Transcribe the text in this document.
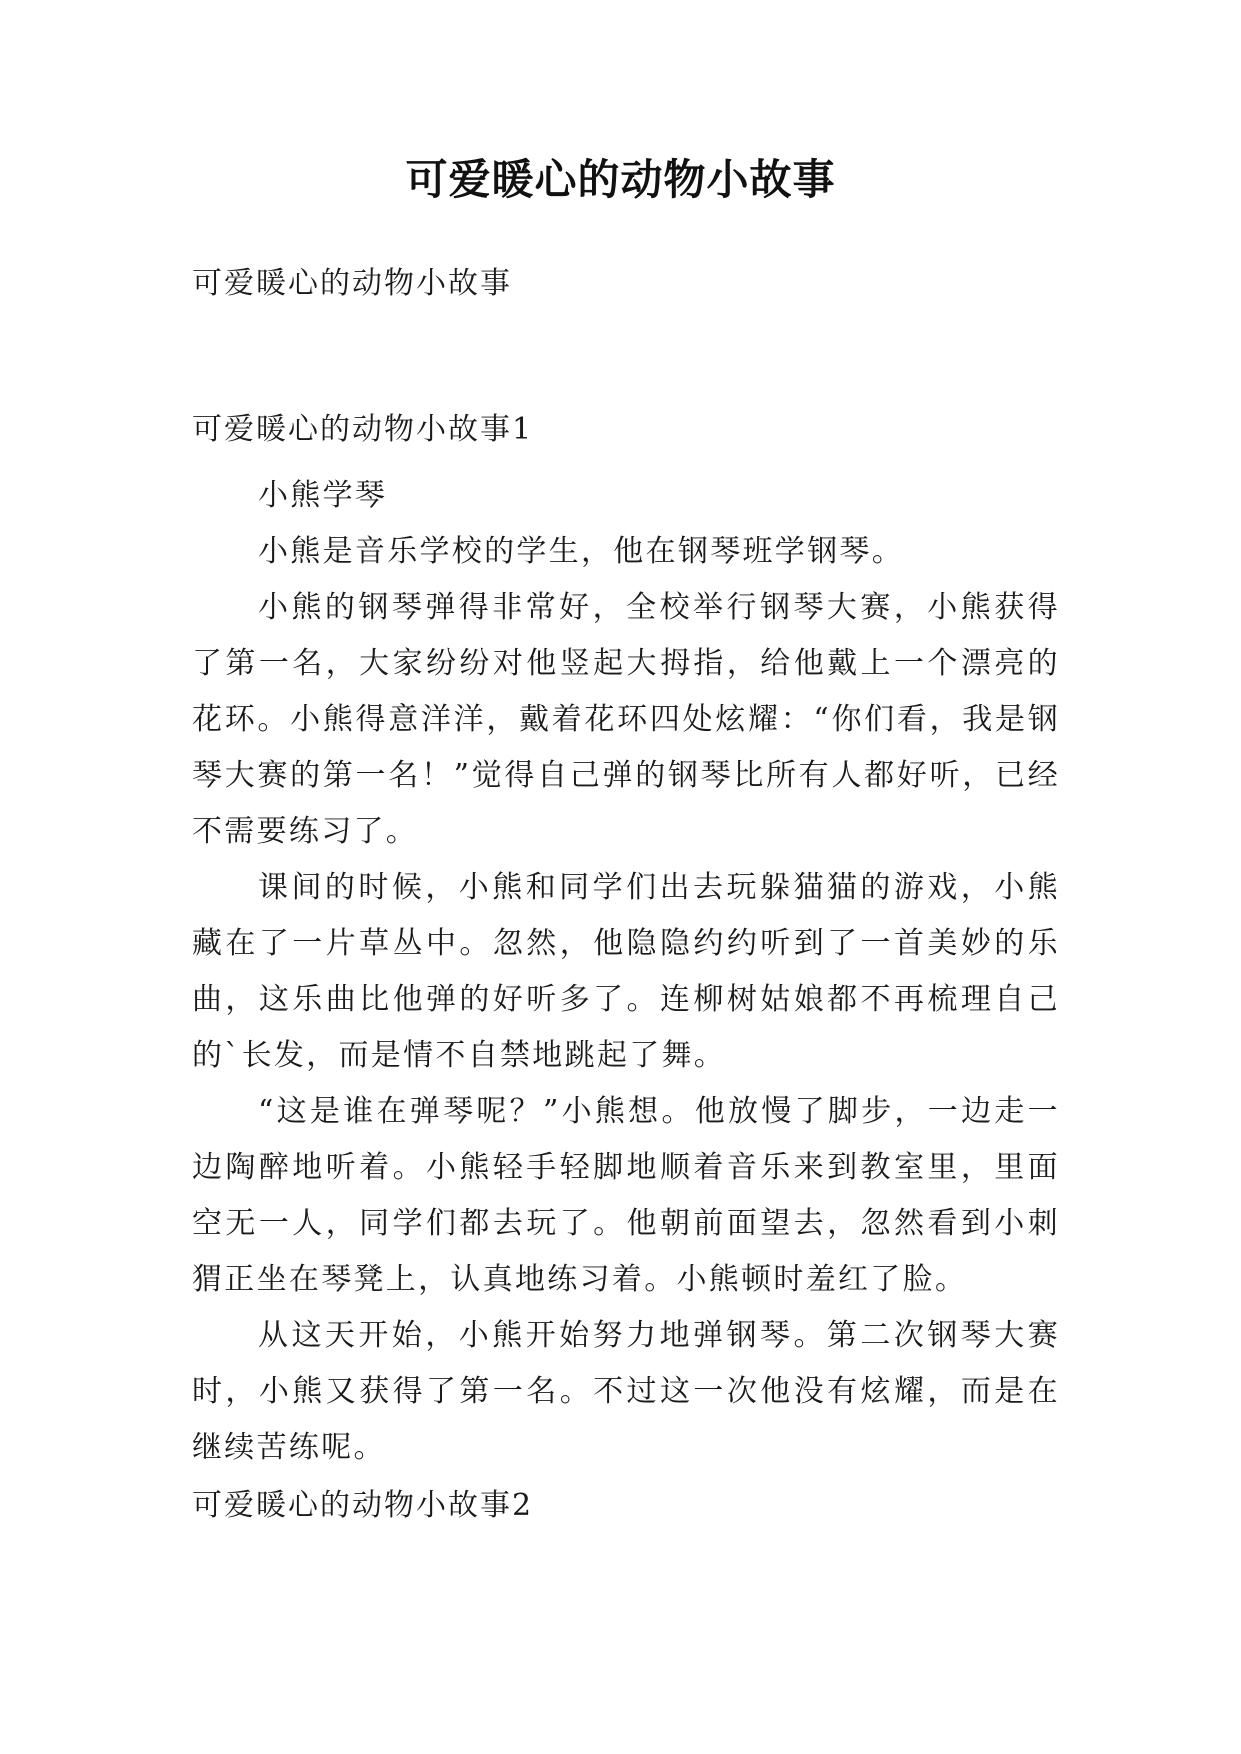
可爱暖心的动物小故事

可爱暖心的动物小故事

可爱暖心的动物小故事1

小熊学琴

小熊是音乐学校的学生，他在钢琴班学钢琴。

小熊的钢琴弹得非常好，全校举行钢琴大赛，小熊获得了第一名，大家纷纷对他竖起大拇指，给他戴上一个漂亮的花环。小熊得意洋洋，戴着花环四处炫耀：“你们看，我是钢琴大赛的第一名！”觉得自己弹的钢琴比所有人都好听，已经不需要练习了。

课间的时候，小熊和同学们出去玩躲猫猫的游戏，小熊藏在了一片草丛中。忽然，他隐隐约约听到了一首美妙的乐曲，这乐曲比他弹的好听多了。连柳树姑娘都不再梳理自己的`长发，而是情不自禁地跳起了舞。

“这是谁在弹琴呢？”小熊想。他放慢了脚步，一边走一边陶醉地听着。小熊轻手轻脚地顺着音乐来到教室里，里面空无一人，同学们都去玩了。他朝前面望去，忽然看到小刺猬正坐在琴凳上，认真地练习着。小熊顿时羞红了脸。

从这天开始，小熊开始努力地弹钢琴。第二次钢琴大赛时，小熊又获得了第一名。不过这一次他没有炫耀，而是在继续苦练呢。

可爱暖心的动物小故事2
